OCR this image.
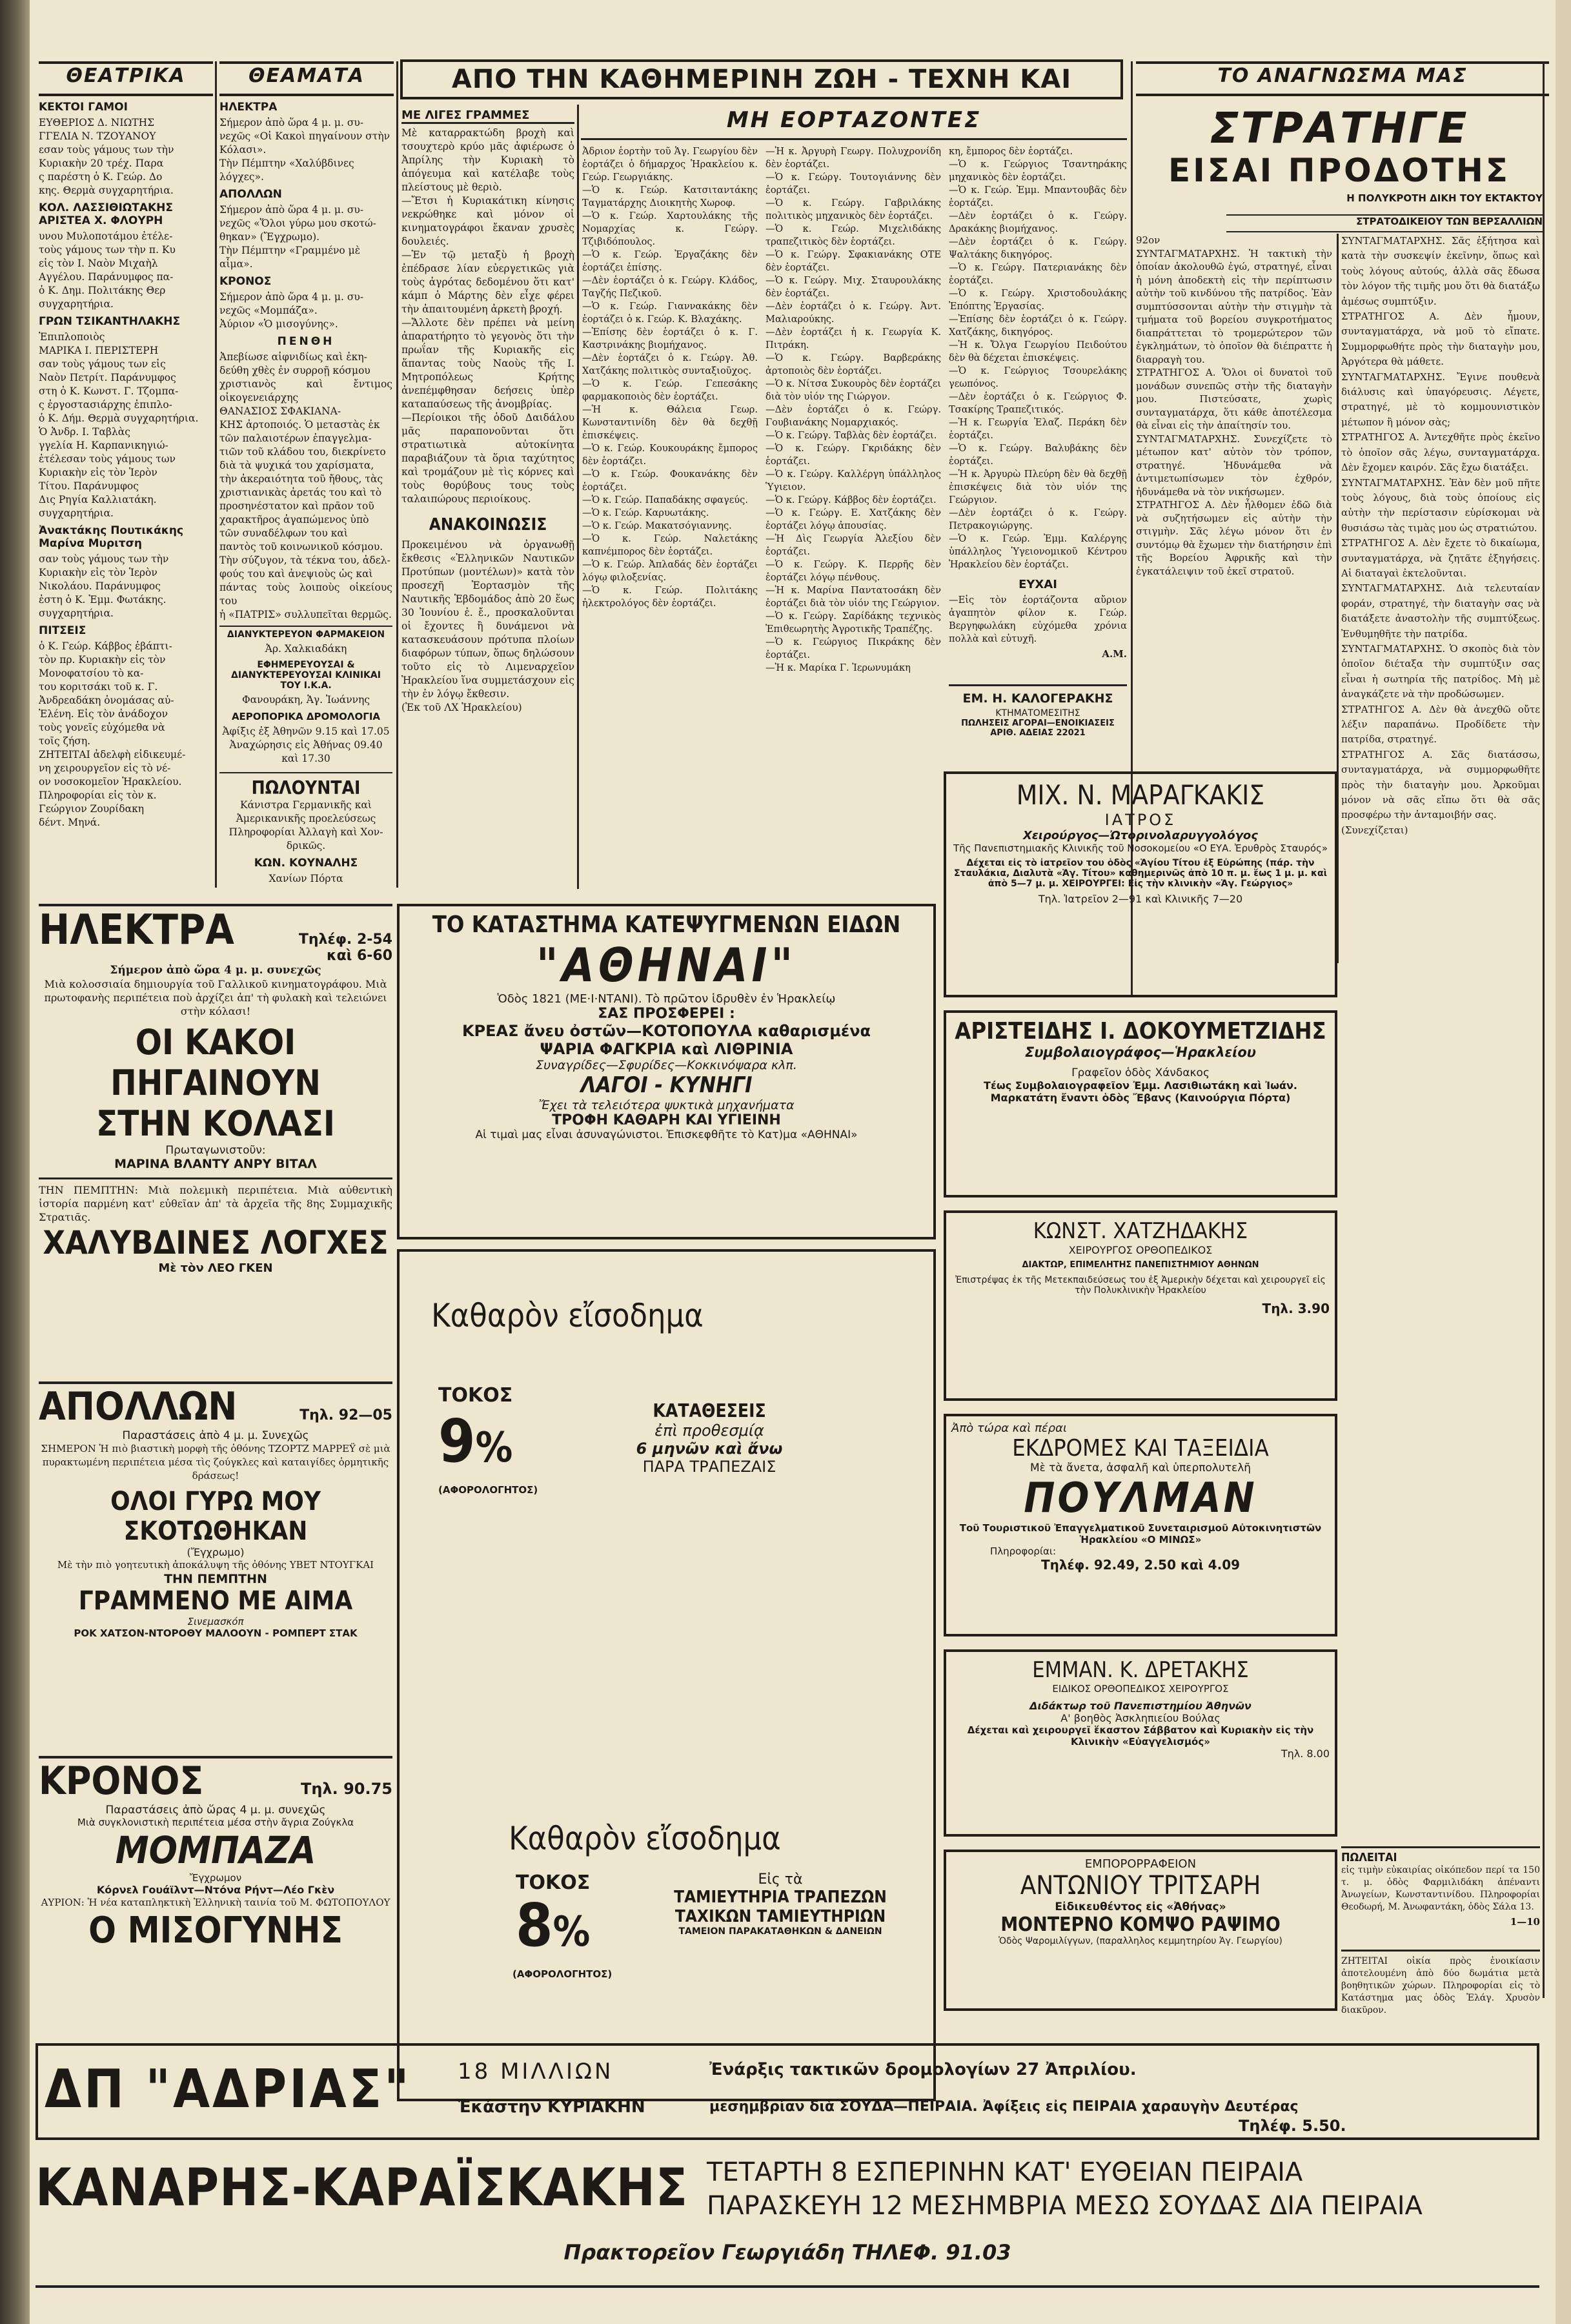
ΘΕΑΤΡΙΚΑ	ΘΕΑΜΑΤΑ	ΑΠΟ ΤΗΝ ΚΑΘΗΜΕΡΙΝΗ ΖΩΗ - ΤΕΧΝΗ ΚΑΙ	ΤΟ ΑΝΑΓΝΩΣΜΑ ΜΑΣ
ΚΕΚΤΟΙ ΓΑΜΟΙ
ΕΥΘΕΡΙΟΣ Δ. ΝΙΩΤΗΣ
ΓΓΕΛΙΑ Ν. ΤΖΟΥΑΝΟΥ
εσαν τοὺς γάμους των τὴν
Κυριακὴν 20 τρέχ. Παρα
ς παρέστη ὁ Κ. Γεώρ. Δο
κης. Θερμὰ συγχαρητήρια.
ΚΟΛ. ΛΑΣΣΙΘΙΩΤΑΚΗΣ
ΑΡΙΣΤΕΑ Χ. ΦΛΟΥΡΗ
υνου Μυλοποτάμου ἐτέλε-
τοὺς γάμους των τὴν π. Κυ
εἰς τὸν Ι. Ναὸν Μιχαὴλ
Αγγέλου. Παράνυμφος πα-
ὁ Κ. Δημ. Πολιτάκης Θερ
συγχαρητήρια.
ΓΡΩΝ ΤΣΙΚΑΝΤΗΛΑΚΗΣ
Ἐπιπλοποιὸς
ΜΑΡΙΚΑ Ι. ΠΕΡΙΣΤΕΡΗ
σαν τοὺς γάμους των εἰς
Ναὸν Πετρίτ. Παράνυμφος
στη ὁ Κ. Κωνστ. Γ. Τζομπα-
ς ἐργοστασιάρχης ἐπιπλο-
ὁ Κ. Δήμ. Θερμὰ συγχαρητήρια.
Ὁ Ἀνδρ. Ι. Ταβλὰς
γγελία Η. Καρπανικηγιώ-
ἐτέλεσαν τοὺς γάμους των
Κυριακὴν εἰς τὸν Ἱερὸν
Τίτου. Παράνυμφος
Δις Ρηγία Καλλιατάκη.
συγχαρητήρια.
Ἀνακτάκης Πουτικάκης
Μαρίνα Μυριτση
σαν τοὺς γάμους των τὴν
Κυριακὴν εἰς τὸν Ἱερὸν
Νικολάου. Παράνυμφος
ἐστη ὁ Κ. Ἐμμ. Φωτάκης.
συγχαρητήρια.
ΠΙΤΣΕΙΣ
ὁ Κ. Γεώρ. Κάββος ἐβάπτι-
τὸν πρ. Κυριακὴν εἰς τὸν
Μονοφατσίου τὸ κα-
του κοριτσάκι τοῦ κ. Γ.
Ἀνδρεαδάκη ὀνομάσας αὐ-
Ἐλένη. Εἰς τὸν ἀνάδοχον
τοὺς γονεῖς εὐχόμεθα νὰ
τοῖς ζήση.
ΖΗΤΕΙΤΑΙ ἀδελφὴ εἰδικευμέ-
νη χειρουργεῖον εἰς τὸ νέ-
ον νοσοκομεῖον Ἡρακλείου.
Πληροφορίαι εἰς τὸν κ.
Γεώργιον Ζουρίδακη
δέντ. Μηνά.
ΗΛΕΚΤΡΑ
Σήμερον ἀπὸ ὥρα 4 μ. μ. συ-
νεχῶς «Οἱ Κακοὶ πηγαίνουν στὴν
Κόλασι».
Τὴν Πέμπτην «Χαλύβδινες
λόγχες».
ΑΠΟΛΛΩΝ
Σήμερον ἀπὸ ὥρα 4 μ. μ. συ-
νεχῶς «Ὅλοι γύρω μου σκοτώ-
θηκαν» (Ἔγχρωμο).
Τὴν Πέμπτην «Γραμμένο μὲ
αἷμα».
ΚΡΟΝΟΣ
Σήμερον ἀπὸ ὥρα 4 μ. μ. συ-
νεχῶς «Μομπάζα».
Ἀύριον «Ὁ μισογύνης».
ΠΕΝΘΗ
Ἀπεβίωσε αἰφνιδίως καὶ ἐκη-
δεύθη χθὲς ἐν συρροῇ κόσμου
χριστιανὸς καὶ ἔντιμος οἰκογενειάρχης
ΘΑΝΑΣΙΟΣ ΣΦΑΚΙΑΝΑ-
ΚΗΣ ἀρτοποιός. Ὁ μεταστὰς ἐκ
τῶν παλαιοτέρων ἐπαγγελμα-
τιῶν τοῦ κλάδου του, διεκρίνετο
διὰ τὰ ψυχικά του χαρίσματα,
τὴν ἀκεραιότητα τοῦ ἤθους, τὰς
χριστιανικὰς ἀρετάς του καὶ τὸ
προσηνέστατον καὶ πρᾶον τοῦ
χαρακτῆρος ἀγαπώμενος ὑπὸ
τῶν συναδέλφων του καὶ
παντὸς τοῦ κοινωνικοῦ κόσμου.
Τὴν σύζυγον, τὰ τέκνα του, ἀδελ-
φούς του καὶ ἀνεψιοὺς ὡς καὶ
πάντας τοὺς λοιποὺς οἰκείους του
ἡ «ΠΑΤΡΙΣ» συλλυπεῖται θερμῶς.
ΔΙΑΝΥΚΤΕΡΕΥΟΝ ΦΑΡΜΑΚΕΙΟΝ
Ἀρ. Χαλκιαδάκη
ΕΦΗΜΕΡΕΥΟΥΣΑΙ & ΔΙΑΝΥΚΤΕΡΕΥΟΥΣΑΙ ΚΛΙΝΙΚΑΙ ΤΟΥ Ι.Κ.Α.
Φανουράκη, Ἁγ. Ἰωάννης
ΑΕΡΟΠΟΡΙΚΑ ΔΡΟΜΟΛΟΓΙΑ
Ἀφίξις ἐξ Ἀθηνῶν 9.15 καὶ 17.05
Ἀναχώρησις εἰς Ἀθήνας 09.40
καὶ 17.30
ΠΩΛΟΥΝΤΑΙ
Κάνιστρα Γερμανικῆς καὶ
Ἀμερικανικῆς προελεύσεως
Πληροφορίαι Ἀλλαγὴ καὶ Χον-
δρικῶς.
ΚΩΝ. ΚΟΥΝΑΛΗΣ
Χανίων Πόρτα
ΜΕ ΛΙΓΕΣ ΓΡΑΜΜΕΣ
Μὲ καταρρακτώδη βροχὴ καὶ τσουχτερὸ κρύο μᾶς ἀφιέρωσε ὁ Ἀπρίλης τὴν Κυριακὴ τὸ ἀπόγευμα καὶ κατέλαβε τοὺς πλείστους μὲ θεριὸ.
—Ἔτσι ἡ Κυριακάτικη κίνησις νεκρώθηκε καὶ μόνον οἱ κινηματογράφοι ἔκαναν χρυσὲς δουλειές.
—Ἐν τῷ μεταξὺ ἡ βροχὴ ἐπέδρασε λίαν εὐεργετικῶς γιὰ τοὺς ἀγρότας δεδομένου ὅτι κατ' κάμπ ὁ Μάρτης δὲν εἶχε φέρει τὴν ἀπαιτουμένη ἀρκετὴ βροχή.
—Ἄλλοτε δὲν πρέπει νὰ μείνη ἀπαρατήρητο τὸ γεγονὸς ὅτι τὴν πρωΐαν τῆς Κυριακῆς εἰς ἅπαντας τοὺς Ναοὺς τῆς Ι. Μητροπόλεως Κρήτης ἀνεπέμφθησαν δεήσεις ὑπὲρ καταπαύσεως τῆς ἀνομβρίας.
—Περίοικοι τῆς ὁδοῦ Δαιδάλου μᾶς παραπονοῦνται ὅτι στρατιωτικὰ αὐτοκίνητα παραβιάζουν τὰ ὅρια ταχύτητος καὶ τρομάζουν μὲ τὶς κόρνες καὶ τοὺς θορύβους τους τοὺς ταλαιπώρους περιοίκους.
ΑΝΑΚΟΙΝΩΣΙΣ
Προκειμένου νὰ ὀργανωθῇ ἔκθεσις «Ἑλληνικῶν Ναυτικῶν Προτύπων (μοντέλων)» κατὰ τὸν προσεχῆ Ἑορτασμὸν τῆς Ναυτικῆς Ἑβδομάδος ἀπὸ 20 ἕως 30 Ἰουνίου ἐ. ἔ., προσκαλοῦνται οἱ ἔχοντες ἢ δυνάμενοι νὰ κατασκευάσουν πρότυπα πλοίων διαφόρων τύπων, ὅπως δηλώσουν τοῦτο εἰς τὸ Λιμεναρχεῖον Ἡρακλείου ἵνα συμμετάσχουν εἰς τὴν ἐν λόγῳ ἔκθεσιν.
(Ἐκ τοῦ ΛΧ Ἡρακλείου)
ΜΗ ΕΟΡΤΑΖΟΝΤΕΣ
Ἀδριον ἑορτὴν τοῦ Ἁγ. Γεωργίου δὲν ἑορτάζει ὁ δήμαρχος Ἡρακλείου κ. Γεώρ. Γεωργιάκης.
—Ὁ κ. Γεώρ. Κατσιταντάκης Ταγματάρχης Διοικητὴς Χωροφ.
—Ὁ κ. Γεώρ. Χαρτουλάκης τῆς Νομαρχίας κ. Γεώργ. Τζιβιδόπουλος.
—Ὁ κ. Γεώρ. Ἐργαζάκης δὲν ἑορτάζει ἐπίσης.
—Δὲν ἑορτάζει ὁ κ. Γεώργ. Κλάδος, Ταγζής Πεζικοῦ.
—Ὁ κ. Γεώρ. Γιαννακάκης δὲν ἑορτάζει ὁ κ. Γεώρ. Κ. Βλαχάκης.
—Ἐπίσης δὲν ἑορτάζει ὁ κ. Γ. Καστρινάκης βιομήχανος.
—Δὲν ἑορτάζει ὁ κ. Γεώργ. Ἀθ. Χατζάκης πολιτικὸς συνταξιοῦχος.
—Ὁ κ. Γεώρ. Γεπεσάκης φαρμακοποιὸς δὲν ἑορτάζει.
—Ἡ κ. Θάλεια Γεωρ. Κωνσταντινίδη δὲν θὰ δεχθῇ ἐπισκέψεις.
—Ὁ κ. Γεώρ. Κουκουράκης ἔμπορος δὲν ἑορτάζει.
—Ὁ κ. Γεώρ. Φουκανάκης δὲν ἑορτάζει.
—Ὁ κ. Γεώρ. Παπαδάκης σφαγεύς.
—Ὁ κ. Γεώρ. Καρυωτάκης.
—Ὁ κ. Γεώρ. Μακατσόγιαννης.
—Ὁ κ. Γεώρ. Ναλετάκης καπνέμπορος δὲν ἑορτάζει.
—Ὁ κ. Γεώρ. Ἀπλαδάς δὲν ἑορτάζει λόγῳ φιλοξενίας.
—Ὁ κ. Γεώρ. Πολιτάκης ἠλεκτρολόγος δὲν ἑορτάζει.
—Ἡ κ. Ἀργυρὴ Γεωργ. Πολυχρονίδη δὲν ἑορτάζει.
—Ὁ κ. Γεώργ. Τουτογιάννης δὲν ἑορτάζει.
—Ὁ κ. Γεώργ. Γαβριλάκης πολιτικὸς μηχανικὸς δὲν ἑορτάζει.
—Ὁ κ. Γεώρ. Μιχελιδάκης τραπεζιτικὸς δὲν ἑορτάζει.
—Ὁ κ. Γεώργ. Σφακιανάκης ΟΤΕ δὲν ἑορτάζει.
—Ὁ κ. Γεώργ. Μιχ. Σταυρουλάκης δὲν ἑορτάζει.
—Δὲν ἑορτάζει ὁ κ. Γεώργ. Ἀντ. Μαλιαρούκης.
—Δὲν ἑορτάζει ἡ κ. Γεωργία Κ. Πιτράκη.
—Ὁ κ. Γεώργ. Βαρβεράκης ἀρτοποιὸς δὲν ἑορτάζει.
—Ὁ κ. Νίτσα Συκουρὸς δὲν ἑορτάζει διὰ τὸν υἱόν της Γιώργον.
—Δὲν ἑορτάζει ὁ κ. Γεώργ. Γουβιανάκης Νομαρχιακός.
—Ὁ κ. Γεώργ. Ταβλὰς δὲν ἑορτάζει.
—Ὁ κ. Γεώργ. Γκριδάκης δὲν ἑορτάζει.
—Ὁ κ. Γεώργ. Καλλέργη ὑπάλληλος Ὑγιειον.
—Ὁ κ. Γεώργ. Κάββος δὲν ἑορτάζει.
—Ὁ κ. Γεώργ. Ε. Χατζάκης δὲν ἑορτάζει λόγῳ ἀπουσίας.
—Ἡ Δὶς Γεωργία Ἀλεξίου δὲν ἑορτάζει.
—Ὁ κ. Γεώργ. Κ. Περρῆς δὲν ἑορτάζει λόγῳ πένθους.
—Ἡ κ. Μαρίνα Παντατοσάκη δὲν ἑορτάζει διὰ τὸν υἱόν της Γεώργιον.
—Ὁ κ. Γεώργ. Σαρίδάκης τεχνικὸς Ἐπιθεωρητὴς Ἀγροτικῆς Τραπέζης.
—Ὁ κ. Γεώργιος Πικράκης δὲν ἑορτάζει.
—Ἡ κ. Μαρίκα Γ. Ἰερωνυμάκη
κη, ἔμπορος δὲν ἑορτάζει.
—Ὁ κ. Γεώργιος Τσαντηράκης μηχανικὸς δὲν ἑορτάζει.
—Ὁ κ. Γεώρ. Ἐμμ. Μπαντουβᾶς δὲν ἑορτάζει.
—Δὲν ἑορτάζει ὁ κ. Γεώργ. Δρακάκης βιομήχανος.
—Δὲν ἑορτάζει ὁ κ. Γεώργ. Ψαλτάκης δικηγόρος.
—Ὁ κ. Γεώργ. Πατεριανάκης δὲν ἑορτάζει.
—Ὁ κ. Γεώργ. Χριστοδουλάκης Ἐπόπτης Ἐργασίας.
—Ἐπίσης δὲν ἑορτάζει ὁ κ. Γεώργ. Χατζάκης, δικηγόρος.
—Ἡ κ. Ὄλγα Γεωργίου Πειδούτου δὲν θὰ δέχεται ἐπισκέψεις.
—Ὁ κ. Γεώργιος Τσουρελάκης γεωπόνος.
—Δὲν ἑορτάζει ὁ κ. Γεώργιος Φ. Τσακίρης Τραπεζιτικός.
—Ἡ κ. Γεωργία Ἐλαζ. Περάκη δὲν ἑορτάζει.
—Ὁ κ. Γεώργ. Βαλυβάκης δὲν ἑορτάζει.
—Ἡ κ. Ἀργυρὼ Πλεύρη δὲν θὰ δεχθῇ ἐπισκέψεις διὰ τὸν υἱόν της Γεώργιον.
—Δὲν ἑορτάζει ὁ κ. Γεώργ. Πετρακογιώργης.
—Ὁ κ. Γεώρ. Ἐμμ. Καλέργης ὑπάλληλος Ὑγειονομικοῦ Κέντρου Ἡρακλείου δὲν ἑορτάζει.
ΕΥΧΑΙ
—Εἰς τὸν ἑορτάζοντα αὔριον ἀγαπητὸν φίλον κ. Γεώρ. Βεργηφωλάκη εὐχόμεθα χρόνια πολλὰ καὶ εὐτυχῆ.
Α.Μ.
ΕΜ. Η. ΚΑΛΟΓΕΡΑΚΗΣ
ΚΤΗΜΑΤΟΜΕΣΙΤΗΣ
ΠΩΛΗΣΕΙΣ ΑΓΟΡΑΙ—ΕΝΟΙΚΙΑΣΕΙΣ
ΑΡΙΘ. ΑΔΕΙΑΣ 22021
ΣΤΡΑΤΗΓΕ
ΕΙΣΑΙ ΠΡΟΔΟΤΗΣ
Η ΠΟΛΥΚΡΟΤΗ ΔΙΚΗ ΤΟΥ ΕΚΤΑΚΤΟΥ
ΣΤΡΑΤΟΔΙΚΕΙΟΥ ΤΩΝ ΒΕΡΣΑΛΛΙΩΝ
92ον
ΣΥΝΤΑΓΜΑΤΑΡΧΗΣ. Ἡ τακτικὴ τὴν ὁποίαν ἀκολουθῶ ἐγώ, στρατηγέ, εἶναι ἡ μόνη ἀποδεκτὴ εἰς τὴν περίπτωσιν αὐτὴν τοῦ κινδύνου τῆς πατρίδος. Ἐὰν συμπτύσσονται αὐτὴν τὴν στιγμὴν τὰ τμήματα τοῦ βορείου συγκροτήματος διαπράττεται τὸ τρομερώτερον τῶν ἐγκλημάτων, τὸ ὁποῖον θὰ διέπραττε ἡ διαρραγὴ του.
ΣΤΡΑΤΗΓΟΣ Α. Ὅλοι οἱ δυνατοὶ τοῦ μονάδων συνεπῶς στὴν τῆς διαταγὴν μου. Πιστεύσατε, χωρὶς συνταγματάρχα, ὅτι κάθε ἀποτέλεσμα θὰ εἶναι εἰς τὴν ἀπαίτησίν του.
ΣΥΝΤΑΓΜΑΤΑΡΧΗΣ. Συνεχίζετε τὸ μέτωπον κατ' αὐτὸν τὸν τρόπον, στρατηγέ. Ἡδυνάμεθα νὰ ἀντιμετωπίσωμεν τὸν ἐχθρόν, ἠδυνάμεθα νὰ τὸν νικήσωμεν.
ΣΤΡΑΤΗΓΟΣ Α. Δὲν ἦλθομεν ἐδῶ διὰ νὰ συζητήσωμεν εἰς αὐτὴν τὴν στιγμὴν. Σᾶς λέγω μόνον ὅτι ἐν συντόμῳ θὰ ἔχωμεν τὴν διατήρησιν ἐπὶ τῆς Βορείου Ἀφρικῆς καὶ τὴν ἐγκατάλειψιν τοῦ ἐκεῖ στρατοῦ.
ΣΥΝΤΑΓΜΑΤΑΡΧΗΣ. Σᾶς ἐξήτησα καὶ κατὰ τὴν συσκεψίν ἐκεῖνην, ὅπως καὶ τοὺς λόγους αὐτούς, ἀλλὰ σᾶς ἔδωσα τὸν λόγον τῆς τιμῆς μου ὅτι θὰ διατάξω ἀμέσως συμπτύξιν.
ΣΤΡΑΤΗΓΟΣ Α. Δὲν ἦμουν, συνταγματάρχα, νὰ μοῦ τὸ εἴπατε. Συμμορφωθήτε πρὸς τὴν διαταγὴν μου, Ἀργότερα θὰ μάθετε.
ΣΥΝΤΑΓΜΑΤΑΡΧΗΣ. Ἔγινε πουθενὰ διάλυσις καὶ ὑπαγόρευσις. Λέγετε, στρατηγέ, μὲ τὸ κομμουνιστικὸν μέτωπον ἢ μόνον σὰς;
ΣΤΡΑΤΗΓΟΣ Α. Ἀντεχθῆτε πρὸς ἐκεῖνο τὸ ὁποῖον σᾶς λέγω, συνταγματάρχα. Δὲν ἔχομεν καιρόν. Σᾶς ἔχω διατάξει.
ΣΥΝΤΑΓΜΑΤΑΡΧΗΣ. Ἐὰν δὲν μοῦ πῆτε τοὺς λόγους, διὰ τοὺς ὁποίους εἰς αὐτὴν τὴν περίστασιν εὑρίσκομαι νὰ θυσιάσω τὰς τιμὰς μου ὡς στρατιώτου.
ΣΤΡΑΤΗΓΟΣ Α. Δὲν ἔχετε τὸ δικαίωμα, συνταγματάρχα, νὰ ζητᾶτε ἐξηγήσεις. Αἱ διαταγαὶ ἐκτελοῦνται.
ΣΥΝΤΑΓΜΑΤΑΡΧΗΣ. Διὰ τελευταίαν φοράν, στρατηγέ, τὴν διαταγὴν σας νὰ διατάξετε ἀναστολὴν τῆς συμπτύξεως. Ἐνθυμηθῆτε τὴν πατρίδα.
ΣΥΝΤΑΓΜΑΤΑΡΧΗΣ. Ὁ σκοπὸς διὰ τὸν ὁποῖον διέταξα τὴν συμπτύξιν σας εἶναι ἡ σωτηρία τῆς πατρίδος. Μὴ μὲ ἀναγκάζετε νὰ τὴν προδώσωμεν.
ΣΤΡΑΤΗΓΟΣ Α. Δὲν θὰ ἀνεχθῶ οὔτε λέξιν παραπάνω. Προδίδετε τὴν πατρίδα, στρατηγέ.
ΣΤΡΑΤΗΓΟΣ Α. Σᾶς διατάσσω, συνταγματάρχα, νὰ συμμορφωθῆτε πρὸς τὴν διαταγὴν μου. Ἀρκοῦμαι μόνον νὰ σᾶς εἴπω ὅτι θὰ σᾶς προσφέρω τὴν ἀνταμοιβήν σας.
(Συνεχίζεται)
ΠΩΛΕΙΤΑΙ
εἰς τιμὴν εὐκαιρίας οἰκόπεδον περί τα 150 τ. μ. ὁδὸς Φαρμιλιδάκη ἀπέναντι Ἀνωγείων, Κωνσταντινίδου. Πληροφορίαι Θεοδωρή, Μ. Ἀνωφαντάκη, ὁδὸς Σάλα 13.
1—10
ΖΗΤΕΙΤΑΙ οἰκία πρὸς ἐνοικίασιν ἀποτελουμένη ἀπὸ δύο δωμάτια μετὰ βοηθητικῶν χώρων. Πληροφορίαι εἰς τὸ Κατάστημα μας ὁδὸς Ἐλάγ. Χρυσὸν διακῦρον.
ΗΛΕΚΤΡΑ	Τηλέφ. 2-54 καὶ 6-60
Σήμερον ἀπὸ ὥρα 4 μ. μ. συνεχῶς
Μιὰ κολοσσιαία δημιουργία τοῦ Γαλλικοῦ κινηματογράφου. Μιὰ πρωτοφανὴς περιπέτεια ποὺ ἀρχίζει ἀπ' τὴ φυλακὴ καὶ τελειώνει στὴν κόλασι!
ΟΙ ΚΑΚΟΙ ΠΗΓΑΙΝΟΥΝ
ΣΤΗΝ ΚΟΛΑΣΙ
Πρωταγωνιστοῦν:
ΜΑΡΙΝΑ ΒΛΑΝΤΥ ΑΝΡΥ ΒΙΤΑΛ
ΤΗΝ ΠΕΜΠΤΗΝ: Μιὰ πολεμικὴ περιπέτεια. Μιὰ αὐθεντικὴ ἱστορία παρμένη κατ' εὐθεῖαν ἀπ' τὰ ἀρχεῖα τῆς 8ης Συμμαχικῆς Στρατιᾶς.
ΧΑΛΥΒΔΙΝΕΣ ΛΟΓΧΕΣ
Μὲ τὸν ΛΕΟ ΓΚΕΝ
ΑΠΟΛΛΩΝ	Τηλ. 92—05
Παραστάσεις ἀπὸ 4 μ. μ. Συνεχῶς
ΣΗΜΕΡΟΝ Ἡ πιὸ βιαστικὴ μορφὴ τῆς ὀθόνης ΤΖΟΡΤΖ ΜΑΡΡΕΫ σὲ μιὰ πυρακτωμένη περιπέτεια μέσα τὶς ζούγκλες καὶ καταιγίδες ὁρμητικῆς δράσεως!
ΟΛΟΙ ΓΥΡΩ ΜΟΥ ΣΚΟΤΩΘΗΚΑΝ
(Ἔγχρωμο)
Μὲ τὴν πιὸ γοητευτικὴ ἀποκάλυψη τῆς ὀθόνης ΥΒΕΤ ΝΤΟΥΓΚΑΙ
ΤΗΝ ΠΕΜΠΤΗΝ
ΓΡΑΜΜΕΝΟ ΜΕ ΑΙΜΑ
Σινεμασκόπ
ΡΟΚ ΧΑΤΣΟΝ-ΝΤΟΡΟΘΥ ΜΑΛΟΟΥΝ - ΡΟΜΠΕΡΤ ΣΤΑΚ
ΚΡΟΝΟΣ	Τηλ. 90.75
Παραστάσεις ἀπὸ ὥρας 4 μ. μ. συνεχῶς
Μιὰ συγκλονιστικὴ περιπέτεια μέσα στὴν ἄγρια Ζούγκλα
ΜΟΜΠΑΖΑ
Ἔγχρωμον
Κόρνελ Γουάϊλντ—Ντόνα Ρήντ—Λέο Γκὲν
ΑΥΡΙΟΝ: Ἡ νέα καταπληκτικὴ Ἑλληνικὴ ταινία τοῦ Μ. ΦΩΤΟΠΟΥΛΟΥ
Ο ΜΙΣΟΓΥΝΗΣ
ΤΟ ΚΑΤΑΣΤΗΜΑ ΚΑΤΕΨΥΓΜΕΝΩΝ ΕΙΔΩΝ
"ΑΘΗΝΑΙ"
Ὁδὸς 1821 (ΜΕ·Ι·ΝΤΑΝΙ). Τὸ πρῶτον ἱδρυθὲν ἐν Ἡρακλείῳ
ΣΑΣ ΠΡΟΣΦΕΡΕΙ :
ΚΡΕΑΣ ἄνευ ὀστῶν—ΚΟΤΟΠΟΥΛΑ καθαρισμένα
ΨΑΡΙΑ ΦΑΓΚΡΙΑ καὶ ΛΙΘΡΙΝΙΑ
Συναγρίδες—Σφυρίδες—Κοκκινόψαρα κλπ.
ΛΑΓΟΙ - ΚΥΝΗΓΙ
Ἔχει τὰ τελειότερα ψυκτικὰ μηχανήματα
ΤΡΟΦΗ ΚΑΘΑΡΗ ΚΑΙ ΥΓΙΕΙΝΗ
Αἱ τιμαὶ μας εἶναι ἀσυναγώνιστοι. Ἐπισκεφθῆτε τὸ Κατ)μα «ΑΘΗΝΑΙ»
Καθαρὸν εἴσοδημα
ΤΟΚΟΣ
9%
(ΑΦΟΡΟΛΟΓΗΤΟΣ)
ΚΑΤΑΘΕΣΕΙΣ
ἐπὶ προθεσμίᾳ
6 μηνῶν καὶ ἄνω
ΠΑΡΑ ΤΡΑΠΕΖΑΙΣ
Καθαρὸν εἴσοδημα
ΤΟΚΟΣ
8%
(ΑΦΟΡΟΛΟΓΗΤΟΣ)
Εἰς τὰ
ΤΑΜΙΕΥΤΗΡΙΑ ΤΡΑΠΕΖΩΝ
ΤΑΧΙΚΩΝ ΤΑΜΙΕΥΤΗΡΙΩΝ
ΤΑΜΕΙΟΝ ΠΑΡΑΚΑΤΑΘΗΚΩΝ & ΔΑΝΕΙΩΝ
ΜΙΧ. Ν. ΜΑΡΑΓΚΑΚΙΣ
ΙΑΤΡΟΣ
Χειρούργος—Ὠτορινολαρυγγολόγος
Τῆς Πανεπιστημιακῆς Κλινικῆς τοῦ Νοσοκομείου «Ο ΕΥΑ. Ἐρυθρὸς Σταυρός»
Δέχεται εἰς τὸ ἰατρεῖον του ὁδὸς «Ἁγίου Τίτου ἐξ Εὐρώπης (πάρ. τὴν Σταυλάκια, Διαλυτὰ «Ἁγ. Τίτου» καθημερινῶς ἀπὸ 10 π. μ. ἕως 1 μ. μ. καὶ ἀπὸ 5—7 μ. μ. ΧΕΙΡΟΥΡΓΕΙ: Εἰς τὴν κλινικὴν «Ἁγ. Γεώργιος»
Τηλ. Ἰατρεῖον 2—91 καὶ Κλινικῆς 7—20
ΑΡΙΣΤΕΙΔΗΣ Ι. ΔΟΚΟΥΜΕΤΖΙΔΗΣ
Συμβολαιογράφος—Ἡρακλείου
Γραφεῖον ὁδὸς Χάνδακος
Τέως Συμβολαιογραφεῖον Ἐμμ. Λασιθιωτάκη καὶ Ἰωάν. Μαρκατάτη ἔναντι ὁδὸς Ἔβανς (Καινούργια Πόρτα)
ΚΩΝΣΤ. ΧΑΤΖΗΔΑΚΗΣ
ΧΕΙΡΟΥΡΓΟΣ ΟΡΘΟΠΕΔΙΚΟΣ
ΔΙΑΚΤΩΡ, ΕΠΙΜΕΛΗΤΗΣ ΠΑΝΕΠΙΣΤΗΜΙΟΥ ΑΘΗΝΩΝ
Ἐπιστρέψας ἐκ τῆς Μετεκπαιδεύσεως του ἐξ Ἀμερικὴν δέχεται καὶ χειρουργεῖ εἰς τὴν Πολυκλινικὴν Ἡρακλείου
Τηλ. 3.90
Ἀπὸ τώρα καὶ πέραι
ΕΚΔΡΟΜΕΣ ΚΑΙ ΤΑΞΕΙΔΙΑ
Μὲ τὰ ἄνετα, ἀσφαλῆ καὶ ὑπερπολυτελῆ
ΠΟΥΛΜΑΝ
Τοῦ Τουριστικοῦ Ἐπαγγελματικοῦ Συνεταιρισμοῦ Αὐτοκινητιστῶν Ἡρακλείου «Ο ΜΙΝΩΣ»
Πληροφορίαι:
Τηλέφ. 92.49, 2.50 καὶ 4.09
ΕΜΜΑΝ. Κ. ΔΡΕΤΑΚΗΣ
ΕΙΔΙΚΟΣ ΟΡΘΟΠΕΔΙΚΟΣ ΧΕΙΡΟΥΡΓΟΣ
Διδάκτωρ τοῦ Πανεπιστημίου Ἀθηνῶν
Α' βοηθὸς Ἀσκληπιείου Βούλας
Δέχεται καὶ χειρουργεῖ ἕκαστον Σάββατον καὶ Κυριακὴν εἰς τὴν Κλινικὴν «Εὐαγγελισμός»
Τηλ. 8.00
ΕΜΠΟΡΟΡΡΑΦΕΙΟΝ
ΑΝΤΩΝΙΟΥ ΤΡΙΤΣΑΡΗ
Εἰδικευθέντος εἰς «Ἀθήνας»
ΜΟΝΤΕΡΝΟ ΚΟΜΨΟ ΡΑΨΙΜΟ
Ὁδὸς Ψαρομιλίγγων, (παραλληλος κεμμητηρίου Ἁγ. Γεωργίου)
ΔΠ "ΑΔΡΙΑΣ" 18 ΜΙΛΛΙΩΝ	Ἐνάρξις τακτικῶν δρομολογίων 27 Ἀπριλίου.
Ἑκάστην ΚΥΡΙΑΚΗΝ	μεσημβρίαν διὰ ΣΟΥΔΑ—ΠΕΙΡΑΙΑ. Ἀφίξεις εἰς ΠΕΙΡΑΙΑ χαραυγὴν Δευτέρας
Τηλέφ. 5.50.
ΚΑΝΑΡΗΣ-ΚΑΡΑΪΣΚΑΚΗΣ ΤΕΤΑΡΤΗ 8 ΕΣΠΕΡΙΝΗΝ ΚΑΤ' ΕΥΘΕΙΑΝ ΠΕΙΡΑΙΑ
ΠΑΡΑΣΚΕΥΗ 12 ΜΕΣΗΜΒΡΙΑ ΜΕΣΩ ΣΟΥΔΑΣ ΔΙΑ ΠΕΙΡΑΙΑ
Πρακτορεῖον Γεωργιάδη ΤΗΛΕΦ. 91.03
